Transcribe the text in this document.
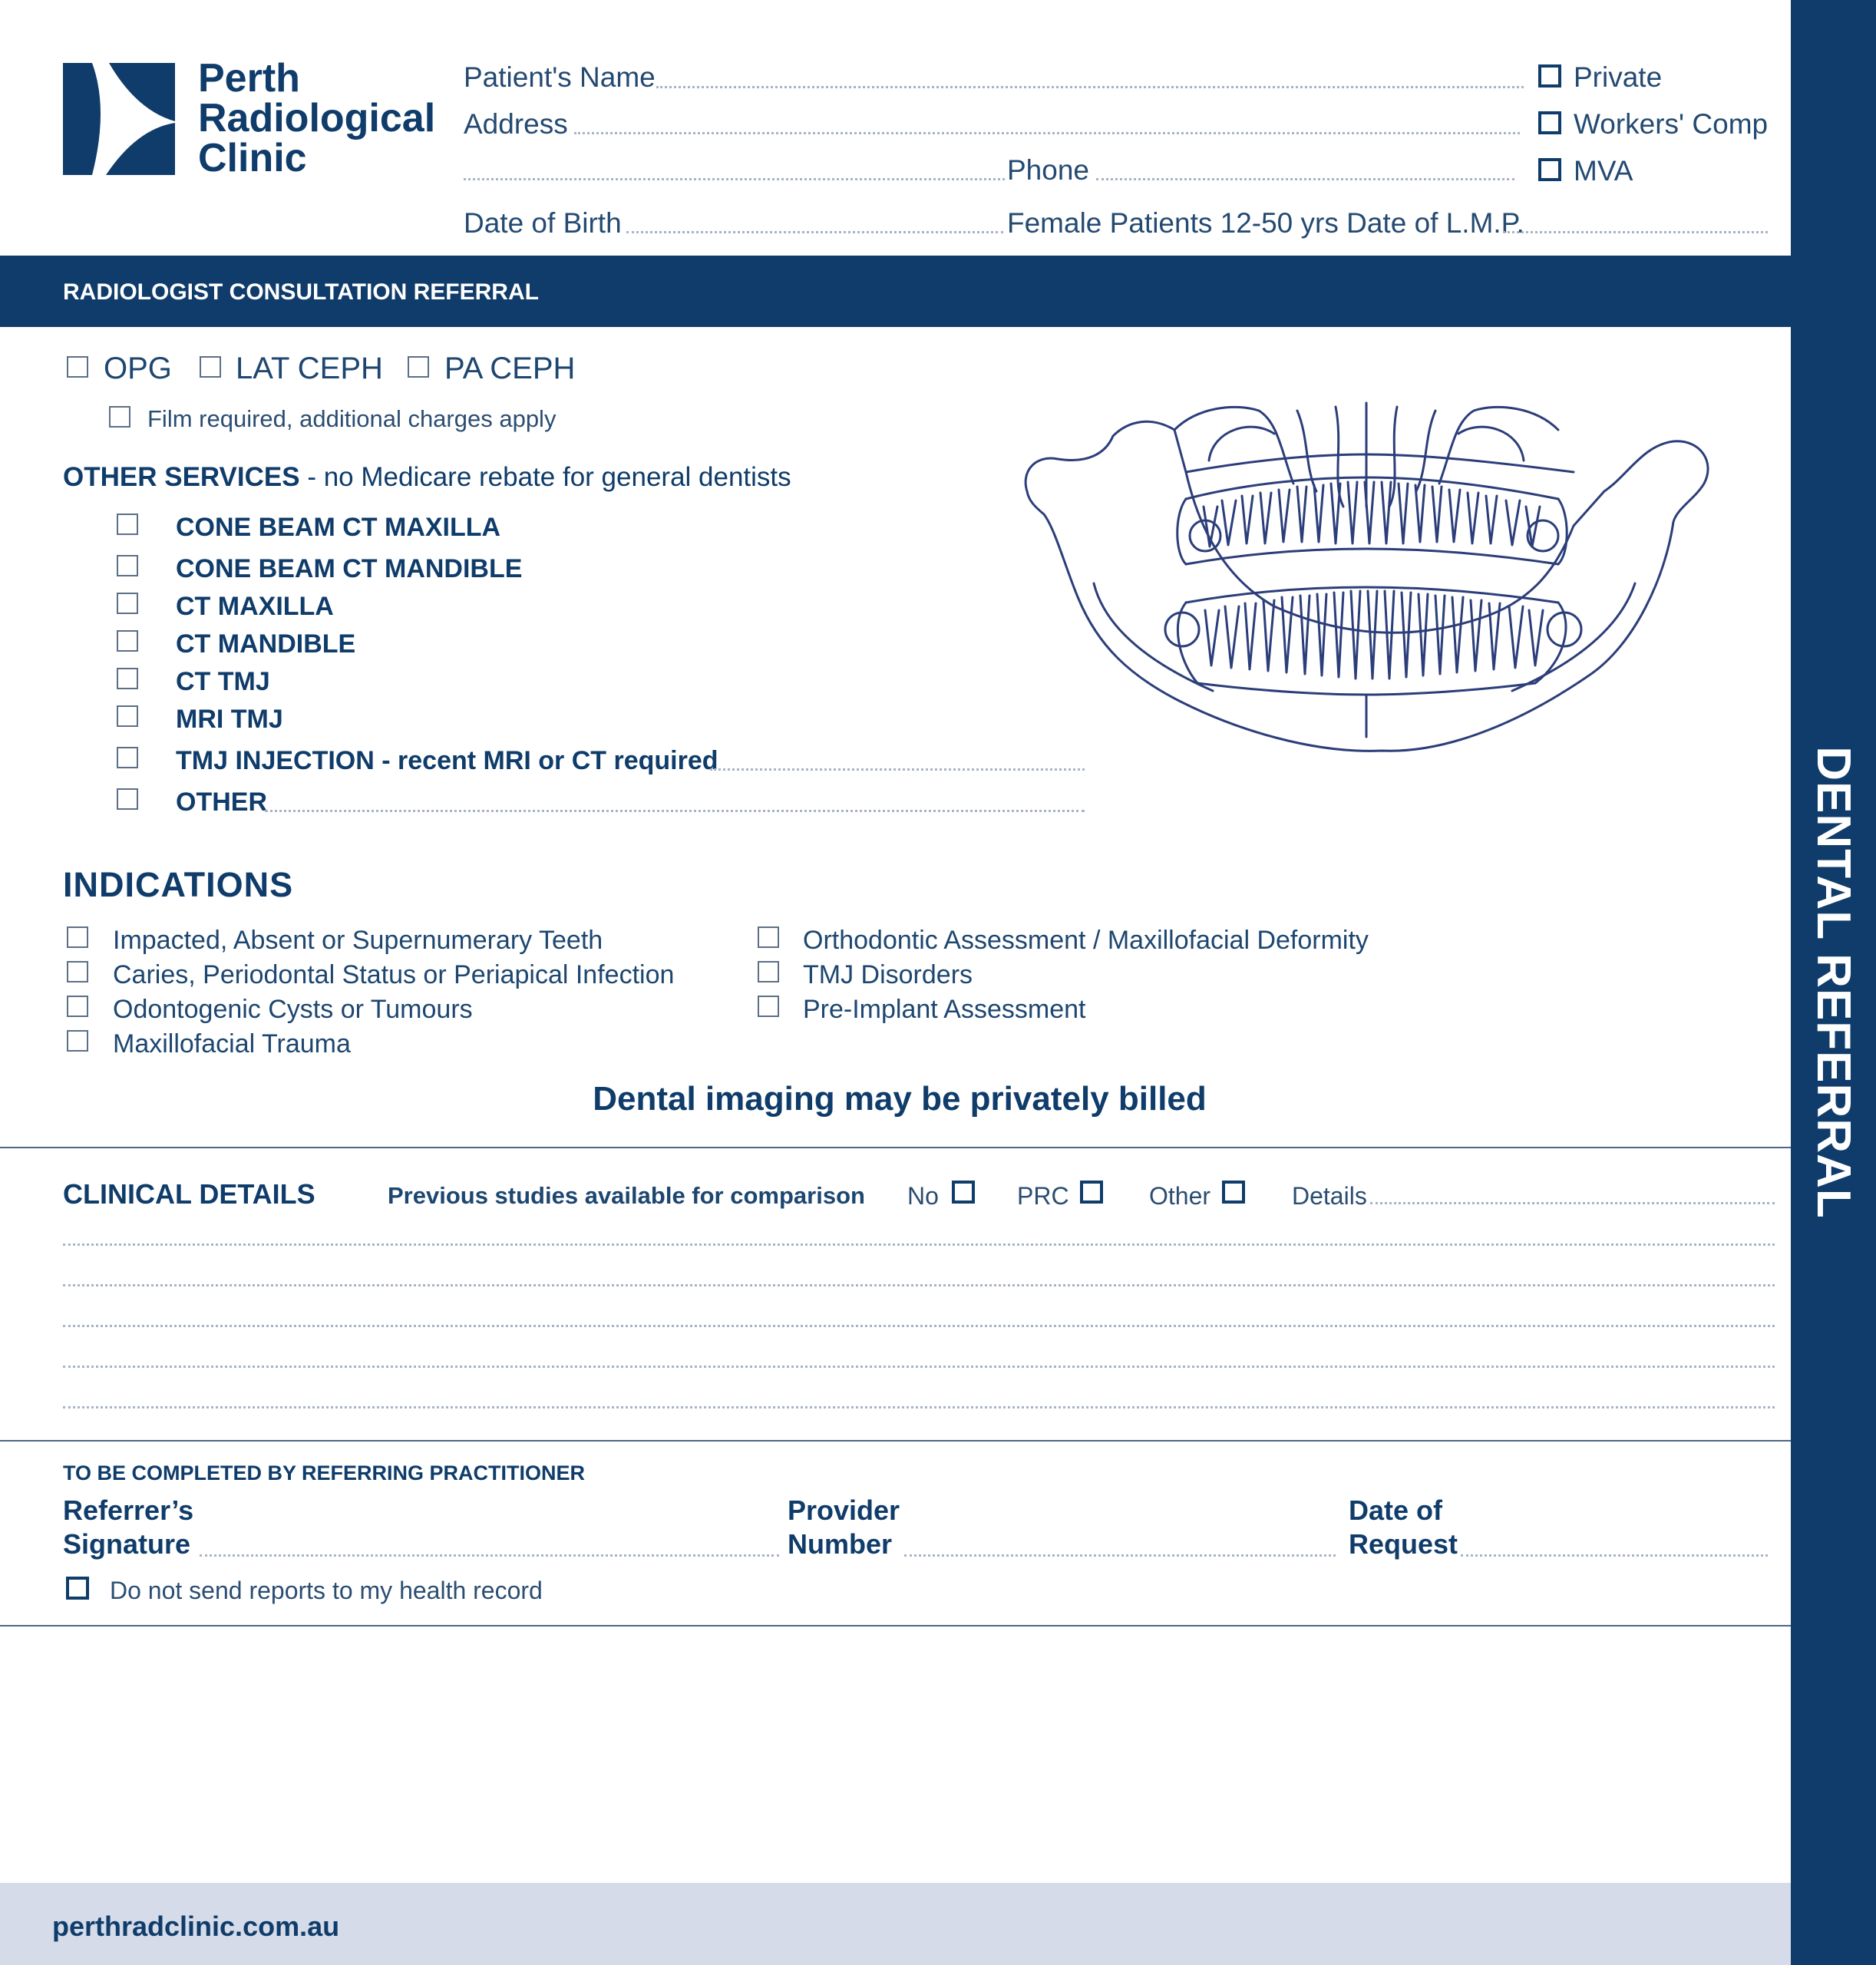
DENTAL REFERRAL
Perth
Radiological
Clinic
Patient's Name
Address
Phone
Date of Birth	Female Patients 12-50 yrs Date of L.M.P.
Private
Workers' Comp
MVA
RADIOLOGIST CONSULTATION REFERRAL
OPG LAT CEPH PA CEPH
Film required, additional charges apply
OTHER SERVICES - no Medicare rebate for general dentists
CONE BEAM CT MAXILLA
CONE BEAM CT MANDIBLE
CT MAXILLA
CT MANDIBLE
CT TMJ
MRI TMJ
TMJ INJECTION - recent MRI or CT required
OTHER
INDICATIONS
Impacted, Absent or Supernumerary Teeth
Caries, Periodontal Status or Periapical Infection
Odontogenic Cysts or Tumours
Maxillofacial Trauma
Orthodontic Assessment / Maxillofacial Deformity
TMJ Disorders
Pre-Implant Assessment
Dental imaging may be privately billed
CLINICAL DETAILS	Previous studies available for comparison No	PRC	Other	Details
TO BE COMPLETED BY REFERRING PRACTITIONER
Referrer’s
Signature
Provider
Number
Date of
Request
Do not send reports to my health record
perthradclinic.com.au
